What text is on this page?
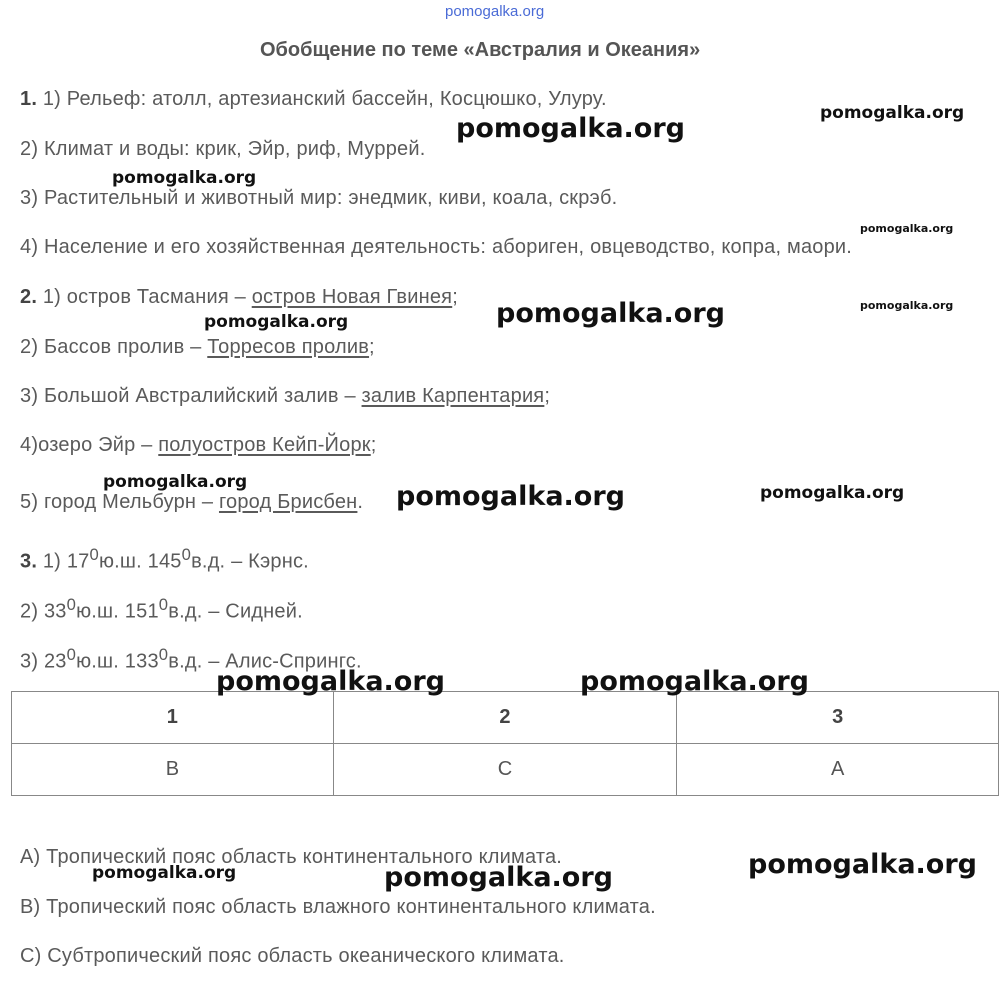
pomogalka.org
Обобщение по теме «Австралия и Океания»
1. 1) Рельеф: атолл, артезианский бассейн, Косцюшко, Улуру.
2) Климат и воды: крик, Эйр, риф, Муррей.
3) Растительный и животный мир: энедмик, киви, коала, скрэб.
4) Население и его хозяйственная деятельность: абориген, овцеводство, копра, маори.
2. 1) остров Тасмания – остров Новая Гвинея;
2) Бассов пролив – Торресов пролив;
3) Большой Австралийский залив – залив Карпентария;
4)озеро Эйр – полуостров Кейп-Йорк;
5) город Мельбурн – город Брисбен.
3. 1) $17^0ю.ш$. $145^0в.д$. – Кэрнс.
2) $33^0ю.ш$. $151^0в.д$. – Сидней.
3) $23^0ю.ш$. $133^0в.д$. – Алис-Спрингс.
1	2	3
B	C	A
А) Тропический пояс область континентального климата.
В) Тропический пояс область влажного континентального климата.
С) Субтропический пояс область океанического климата.
pomogalka.org	pomogalka.org
pomogalka.org
pomogalka.org
pomogalka.org	pomogalka.org
pomogalka.org
pomogalka.org	pomogalka.org	pomogalka.org
pomogalka.org	pomogalka.org
pomogalka.org
pomogalka.org	pomogalka.org
